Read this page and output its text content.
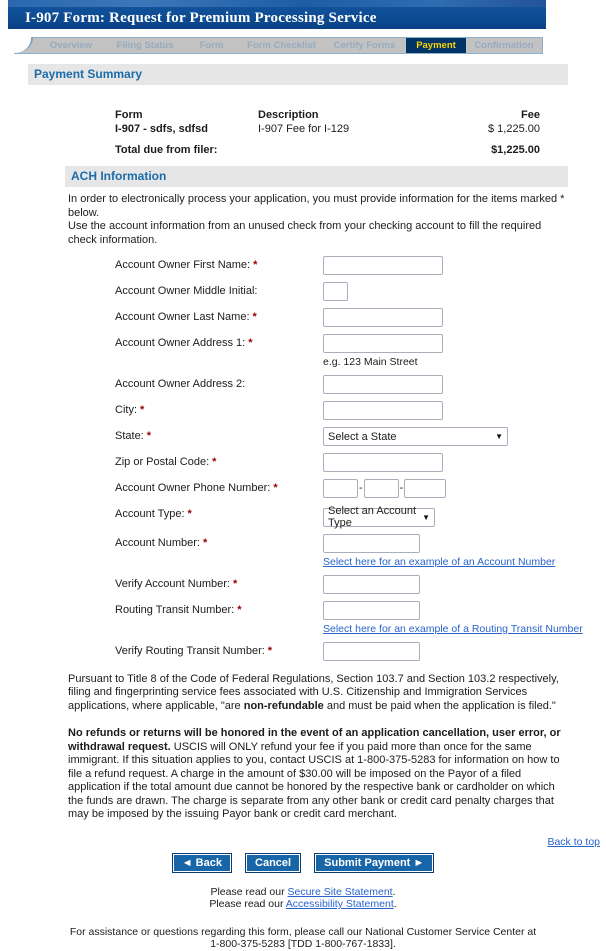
I-907 Form: Request for Premium Processing Service
Overview	Filing Status	Form	Form Checklist	Certify Forms	Payment	Confirmation
Payment Summary
Form	Description	Fee
I-907 - sdfs, sdfsd	I-907 Fee for I-129	$ 1,225.00
Total due from filer:	$1,225.00
ACH Information

In order to electronically process your application, you must provide information for the items marked * below.

Use the account information from an unused check from your checking account to fill the required check information.

Account Owner First Name: *
Account Owner Middle Initial:
Account Owner Last Name: *
Account Owner Address 1: *
e.g. 123 Main Street
Account Owner Address 2:
City: *
State: *	Select a State	▼
Zip or Postal Code: *
Account Owner Phone Number: *	-	-
Account Type: *	Select an Account Type	▼
Account Number: *

Select here for an example of an Account Number
Verify Account Number: *
Routing Transit Number: *

Select here for an example of a Routing Transit Number
Verify Routing Transit Number: *

Pursuant to Title 8 of the Code of Federal Regulations, Section 103.7 and Section 103.2 respectively, filing and fingerprinting service fees associated with U.S. Citizenship and Immigration Services applications, where applicable, "are non-refundable and must be paid when the application is filed."

No refunds or returns will be honored in the event of an application cancellation, user error, or withdrawal request. USCIS will ONLY refund your fee if you paid more than once for the same immigrant. If this situation applies to you, contact USCIS at 1-800-375-5283 for information on how to file a refund request. A charge in the amount of $30.00 will be imposed on the Payor of a filed application if the total amount due cannot be honored by the respective bank or cardholder on which the funds are drawn. The charge is separate from any other bank or credit card penalty charges that may be imposed by the issuing Payor bank or credit card merchant.

Back to top
◄ Back	Cancel	Submit Payment ►
Please read our Secure Site Statement.
Please read our Accessibility Statement.
For assistance or questions regarding this form, please call our National Customer Service Center at
1-800-375-5283 [TDD 1-800-767-1833].
